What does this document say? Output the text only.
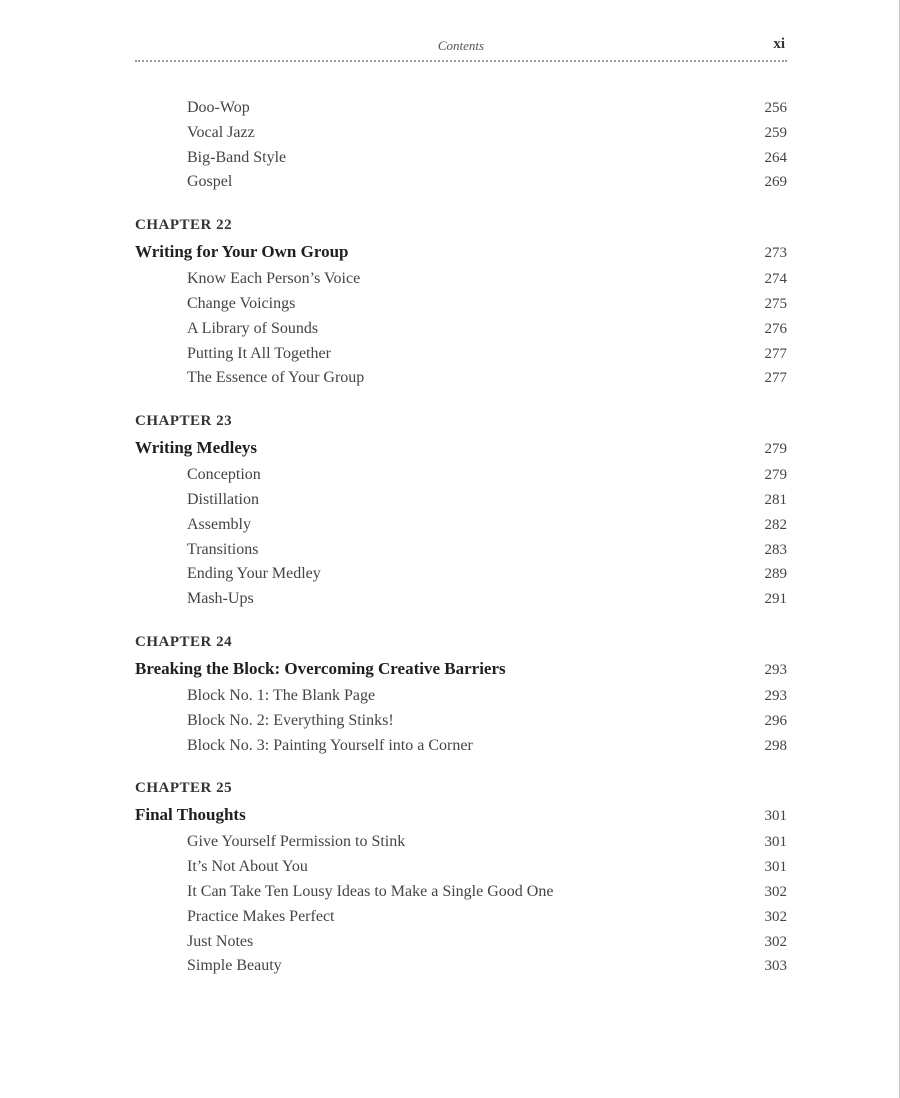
Contents	xi
Doo-Wop	256
Vocal Jazz	259
Big-Band Style	264
Gospel	269
CHAPTER 22
Writing for Your Own Group	273
Know Each Person’s Voice	274
Change Voicings	275
A Library of Sounds	276
Putting It All Together	277
The Essence of Your Group	277
CHAPTER 23
Writing Medleys	279
Conception	279
Distillation	281
Assembly	282
Transitions	283
Ending Your Medley	289
Mash-Ups	291
CHAPTER 24
Breaking the Block: Overcoming Creative Barriers	293
Block No. 1: The Blank Page	293
Block No. 2: Everything Stinks!	296
Block No. 3: Painting Yourself into a Corner	298
CHAPTER 25
Final Thoughts	301
Give Yourself Permission to Stink	301
It’s Not About You	301
It Can Take Ten Lousy Ideas to Make a Single Good One	302
Practice Makes Perfect	302
Just Notes	302
Simple Beauty	303
